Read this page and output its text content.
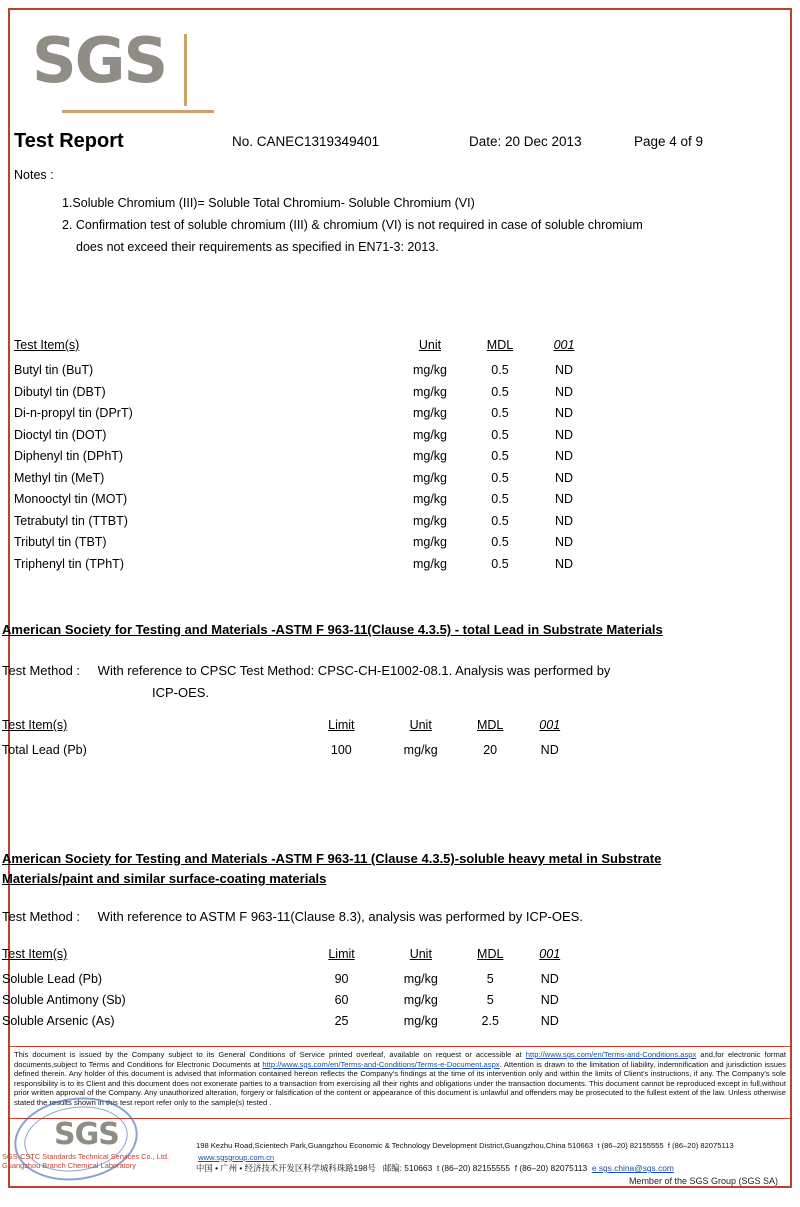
SGS
Test Report	No. CANEC1319349401	Date: 20 Dec 2013	Page 4 of 9
Notes :
1.Soluble Chromium (III)= Soluble Total Chromium- Soluble Chromium (VI)
2. Confirmation test of soluble chromium (III) & chromium (VI) is not required in case of soluble chromium
does not exceed their requirements as specified in EN71-3: 2013.
Test Item(s)	Unit	MDL	001
Butyl tin (BuT)	mg/kg	0.5	ND
Dibutyl tin (DBT)	mg/kg	0.5	ND
Di-n-propyl tin (DPrT)	mg/kg	0.5	ND
Dioctyl tin (DOT)	mg/kg	0.5	ND
Diphenyl tin (DPhT)	mg/kg	0.5	ND
Methyl tin (MeT)	mg/kg	0.5	ND
Monooctyl tin (MOT)	mg/kg	0.5	ND
Tetrabutyl tin (TTBT)	mg/kg	0.5	ND
Tributyl tin (TBT)	mg/kg	0.5	ND
Triphenyl tin (TPhT)	mg/kg	0.5	ND
American Society for Testing and Materials -ASTM F 963-11(Clause 4.3.5) - total Lead in Substrate Materials
Test Method : With reference to CPSC Test Method: CPSC-CH-E1002-08.1. Analysis was performed by
ICP-OES.
Test Item(s)	Limit	Unit	MDL	001
Total Lead (Pb)	100	mg/kg	20	ND
American Society for Testing and Materials -ASTM F 963-11 (Clause 4.3.5)-soluble heavy metal in Substrate
Materials/paint and similar surface-coating materials
Test Method : With reference to ASTM F 963-11(Clause 8.3), analysis was performed by ICP-OES.
Test Item(s)	Limit	Unit	MDL	001
Soluble Lead (Pb)	90	mg/kg	5	ND
Soluble Antimony (Sb)	60	mg/kg	5	ND
Soluble Arsenic (As)	25	mg/kg	2.5	ND
This document is issued by the Company subject to its General Conditions of Service printed overleaf, available on request or accessible at http://www.sgs.com/en/Terms-and-Conditions.aspx and,for electronic format documents,subject to Terms and Conditions for Electronic Documents at http://www.sgs.com/en/Terms-and-Conditions/Terms-e-Document.aspx. Attention is drawn to the limitation of liability, indemnification and jurisdiction issues defined therein. Any holder of this document is advised that information contained hereon reflects the Company's findings at the time of its intervention only and within the limits of Client's instructions, if any. The Company's sole responsibility is to its Client and this document does not exonerate parties to a transaction from exercising all their rights and obligations under the transaction documents. This document cannot be reproduced except in full,without prior written approval of the Company. Any unauthorized alteration, forgery or falsification of the content or appearance of this document is unlawful and offenders may be prosecuted to the fullest extent of the law. Unless otherwise stated the results shown in this test report refer only to the sample(s) tested .
SGS
SGS-CSTC Standards Technical Services Co., Ltd.
Guangzhou Branch Chemical Laboratory
198 Kezhu Road,Scientech Park,Guangzhou Economic & Technology Development District,Guangzhou,China 510663 t (86–20) 82155555 f (86–20) 82075113  www.sgsgroup.com.cn
中国 • 广州 • 经济技术开发区科学城科珠路198号 邮编: 510663 t (86–20) 82155555 f (86–20) 82075113 e sgs.china@sgs.com
Member of the SGS Group (SGS SA)
